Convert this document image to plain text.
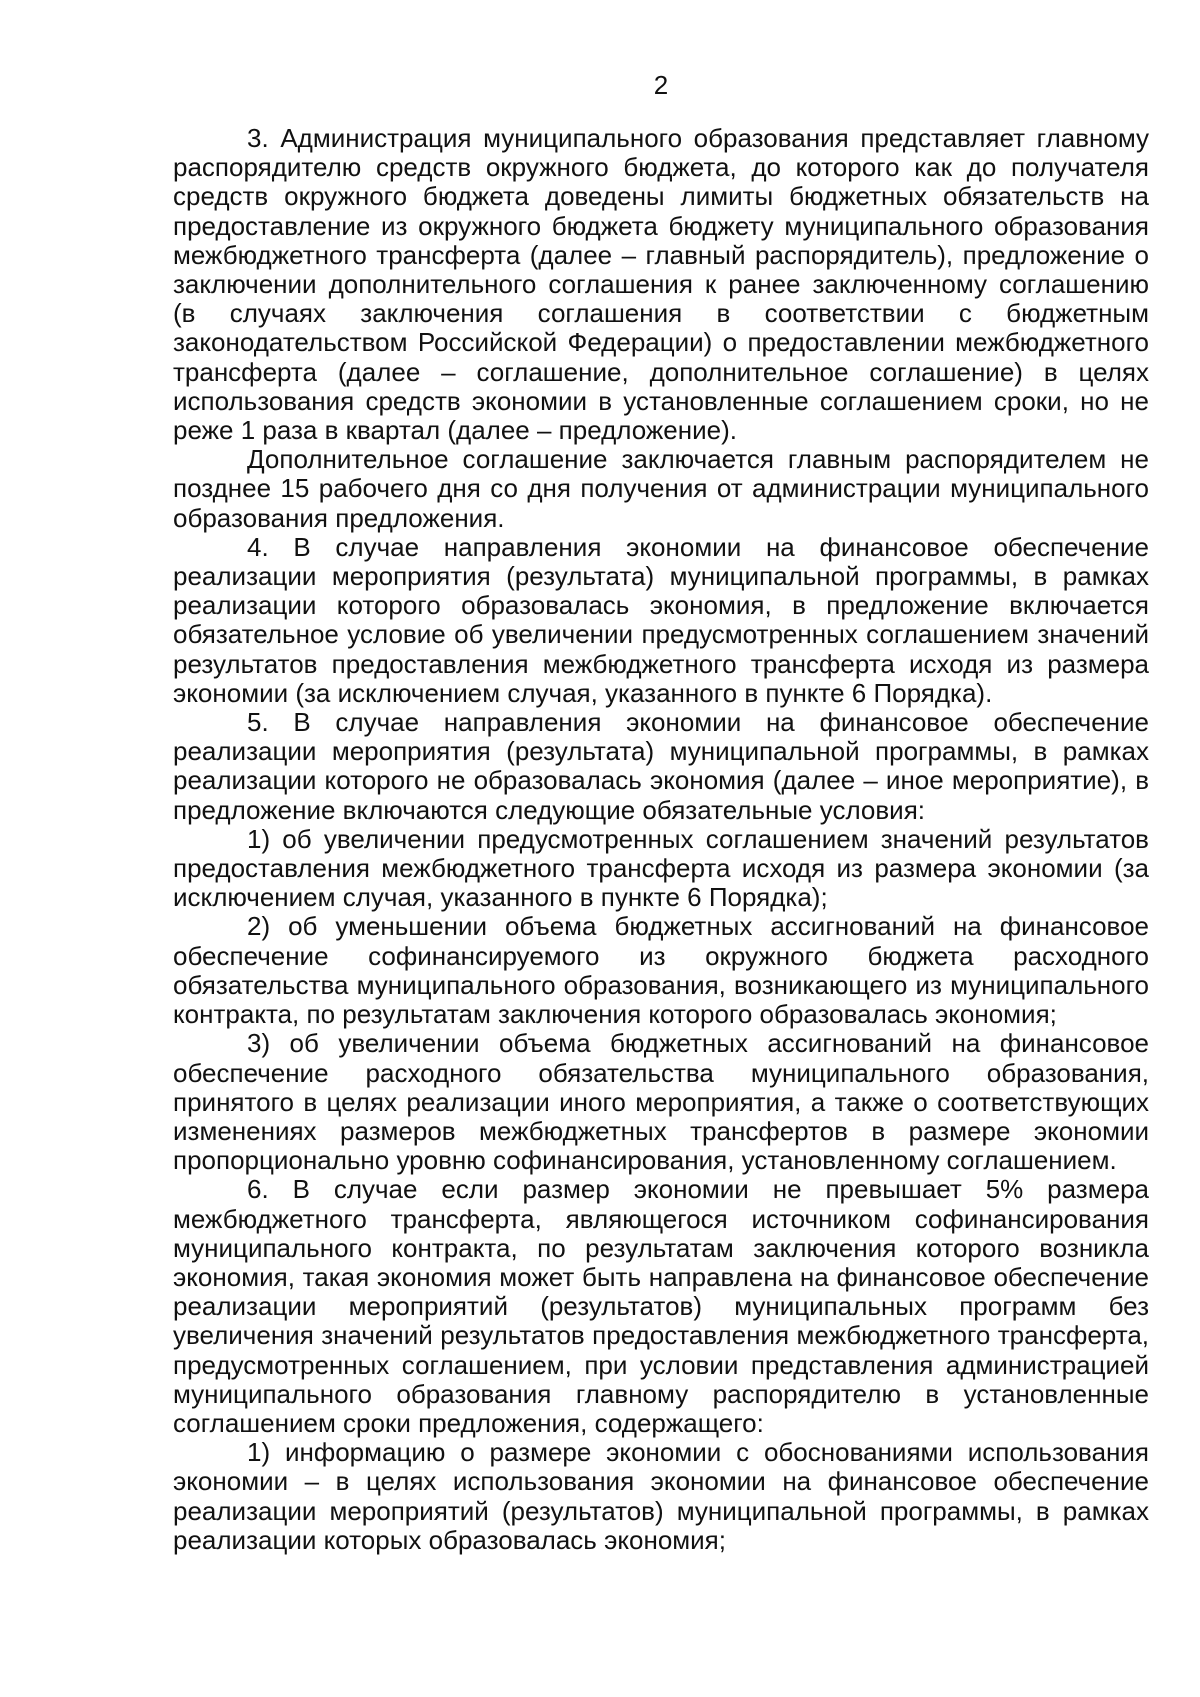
2

3. Администрация муниципального образования представляет главному распорядителю средств окружного бюджета, до которого как до получателя средств окружного бюджета доведены лимиты бюджетных обязательств на предоставление из окружного бюджета бюджету муниципального образования межбюджетного трансферта (далее – главный распорядитель), предложение о заключении дополнительного соглашения к ранее заключенному соглашению (в случаях заключения соглашения в соответствии с бюджетным законодательством Российской Федерации) о предоставлении межбюджетного трансферта (далее – соглашение, дополнительное соглашение) в целях использования средств экономии в установленные соглашением сроки, но не реже 1 раза в квартал (далее – предложение).

Дополнительное соглашение заключается главным распорядителем не позднее 15 рабочего дня со дня получения от администрации муниципального образования предложения.

4. В случае направления экономии на финансовое обеспечение реализации мероприятия (результата) муниципальной программы, в рамках реализации которого образовалась экономия, в предложение включается обязательное условие об увеличении предусмотренных соглашением значений результатов предоставления межбюджетного трансферта исходя из размера экономии (за исключением случая, указанного в пункте 6 Порядка).

5. В случае направления экономии на финансовое обеспечение реализации мероприятия (результата) муниципальной программы, в рамках реализации которого не образовалась экономия (далее – иное мероприятие), в предложение включаются следующие обязательные условия:

1) об увеличении предусмотренных соглашением значений результатов предоставления межбюджетного трансферта исходя из размера экономии (за исключением случая, указанного в пункте 6 Порядка);

2) об уменьшении объема бюджетных ассигнований на финансовое обеспечение софинансируемого из окружного бюджета расходного обязательства муниципального образования, возникающего из муниципального контракта, по результатам заключения которого образовалась экономия;

3) об увеличении объема бюджетных ассигнований на финансовое обеспечение расходного обязательства муниципального образования, принятого в целях реализации иного мероприятия, а также о соответствующих изменениях размеров межбюджетных трансфертов в размере экономии пропорционально уровню софинансирования, установленному соглашением.

6. В случае если размер экономии не превышает 5% размера межбюджетного трансферта, являющегося источником софинансирования муниципального контракта, по результатам заключения которого возникла экономия, такая экономия может быть направлена на финансовое обеспечение реализации мероприятий (результатов) муниципальных программ без увеличения значений результатов предоставления межбюджетного трансферта, предусмотренных соглашением, при условии представления администрацией муниципального образования главному распорядителю в установленные соглашением сроки предложения, содержащего:

1) информацию о размере экономии с обоснованиями использования экономии – в целях использования экономии на финансовое обеспечение реализации мероприятий (результатов) муниципальной программы, в рамках реализации которых образовалась экономия;
